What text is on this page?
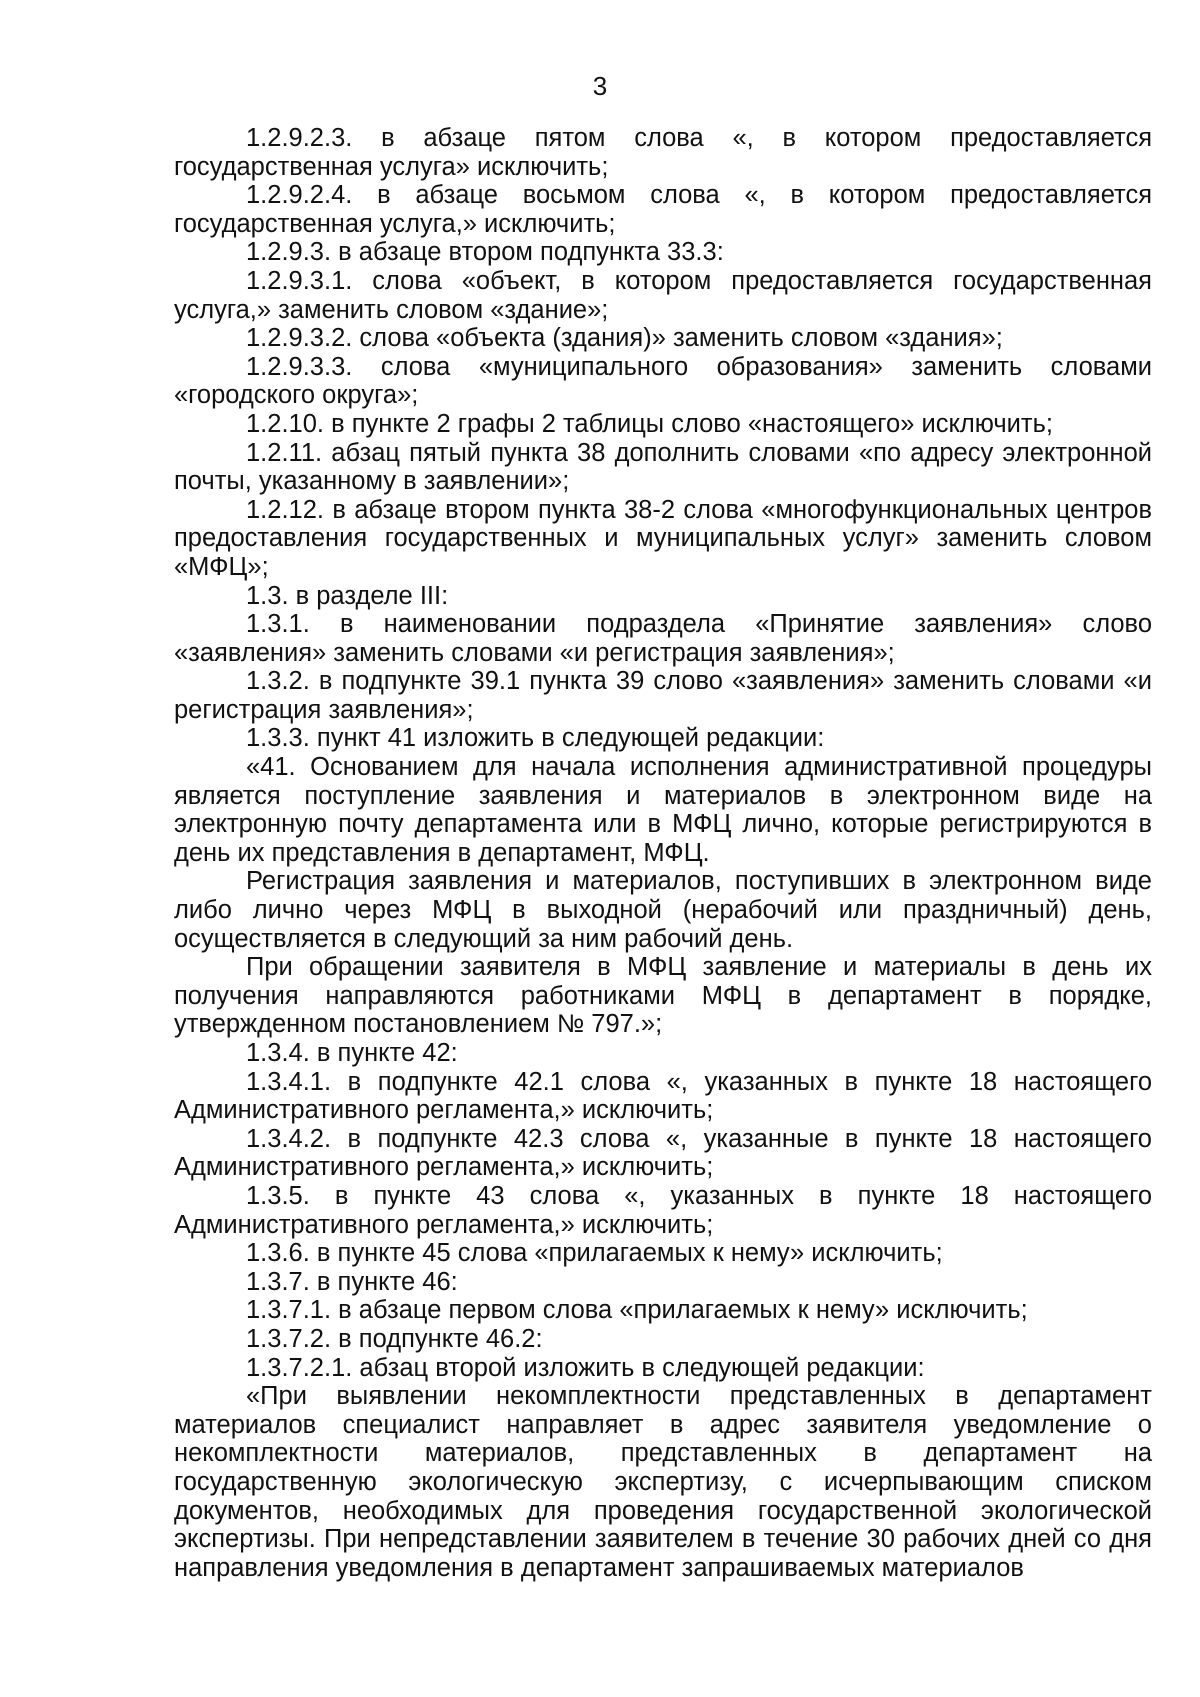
3

1.2.9.2.3. в абзаце пятом слова «, в котором предоставляется государственная услуга» исключить;

1.2.9.2.4. в абзаце восьмом слова «, в котором предоставляется государственная услуга,» исключить;

1.2.9.3. в абзаце втором подпункта 33.3:

1.2.9.3.1. слова «объект, в котором предоставляется государственная услуга,» заменить словом «здание»;

1.2.9.3.2. слова «объекта (здания)» заменить словом «здания»;

1.2.9.3.3. слова «муниципального образования» заменить словами «городского округа»;

1.2.10. в пункте 2 графы 2 таблицы слово «настоящего» исключить;

1.2.11. абзац пятый пункта 38 дополнить словами «по адресу электронной почты, указанному в заявлении»;

1.2.12. в абзаце втором пункта 38-2 слова «многофункциональных центров предоставления государственных и муниципальных услуг» заменить словом «МФЦ»;

1.3. в разделе III:

1.3.1. в наименовании подраздела «Принятие заявления» слово «заявления» заменить словами «и регистрация заявления»;

1.3.2. в подпункте 39.1 пункта 39 слово «заявления» заменить словами «и регистрация заявления»;

1.3.3. пункт 41 изложить в следующей редакции:

«41. Основанием для начала исполнения административной процедуры является поступление заявления и материалов в электронном виде на электронную почту департамента или в МФЦ лично, которые регистрируются в день их представления в департамент, МФЦ.

Регистрация заявления и материалов, поступивших в электронном виде либо лично через МФЦ в выходной (нерабочий или праздничный) день, осуществляется в следующий за ним рабочий день.

При обращении заявителя в МФЦ заявление и материалы в день их получения направляются работниками МФЦ в департамент в порядке, утвержденном постановлением № 797.»;

1.3.4. в пункте 42:

1.3.4.1. в подпункте 42.1 слова «, указанных в пункте 18 настоящего Административного регламента,» исключить;

1.3.4.2. в подпункте 42.3 слова «, указанные в пункте 18 настоящего Административного регламента,» исключить;

1.3.5. в пункте 43 слова «, указанных в пункте 18 настоящего Административного регламента,» исключить;

1.3.6. в пункте 45 слова «прилагаемых к нему» исключить;

1.3.7. в пункте 46:

1.3.7.1. в абзаце первом слова «прилагаемых к нему» исключить;

1.3.7.2. в подпункте 46.2:

1.3.7.2.1. абзац второй изложить в следующей редакции:

«При выявлении некомплектности представленных в департамент материалов специалист направляет в адрес заявителя уведомление о некомплектности материалов, представленных в департамент на государственную экологическую экспертизу, с исчерпывающим списком документов, необходимых для проведения государственной экологической экспертизы. При непредставлении заявителем в течение 30 рабочих дней со дня направления уведомления в департамент запрашиваемых материалов
